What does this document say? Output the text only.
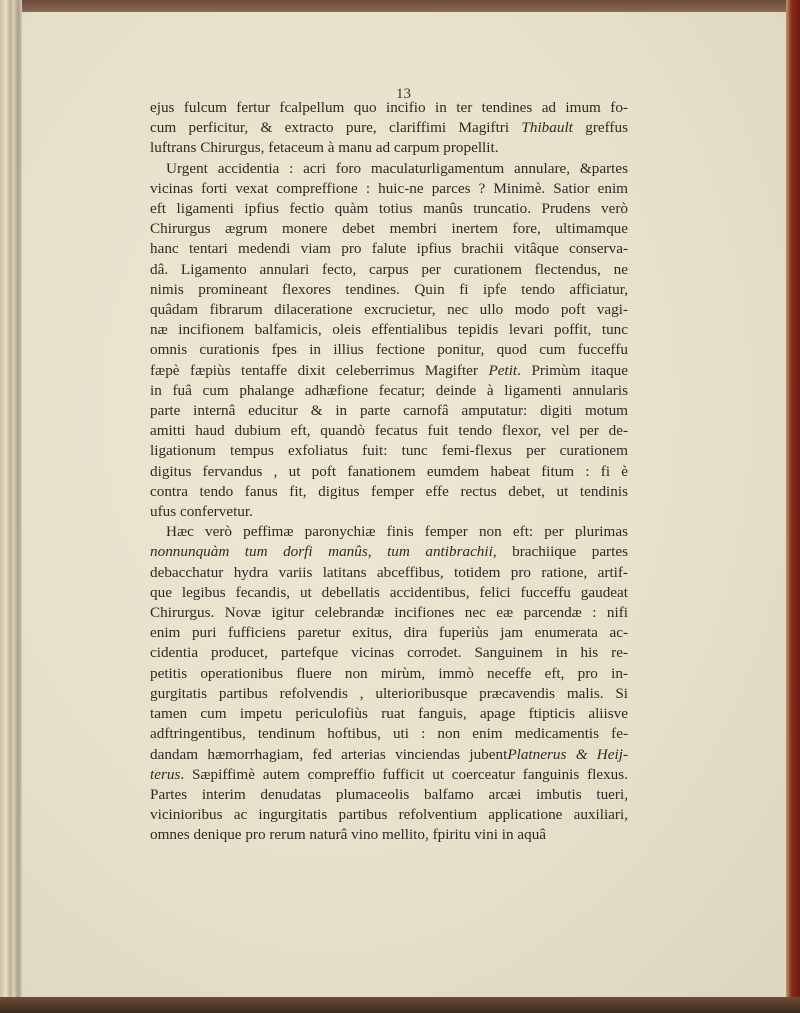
13
ejus fulcum fertur fcalpellum quo incifio in ter tendines ad imum fo-
cum perficitur, & extracto pure, clariffimi Magiftri Thibault greffus
luftrans Chirurgus, fetaceum à manu ad carpum propellit.
Urgent accidentia : acri foro maculaturligamentum annulare, &partes
vicinas forti vexat compreffione : huic-ne parces ? Minimè. Satior enim
eft ligamenti ipfius fectio quàm totius manûs truncatio. Prudens verò
Chirurgus ægrum monere debet membri inertem fore, ultimamque
hanc tentari medendi viam pro falute ipfius brachii vitâque conserva-
dâ. Ligamento annulari fecto, carpus per curationem flectendus, ne
nimis promineant flexores tendines. Quin fi ipfe tendo afficiatur,
quâdam fibrarum dilaceratione excrucietur, nec ullo modo poft vagi-
næ incifionem balfamicis, oleis effentialibus tepidis levari poffit, tunc
omnis curationis fpes in illius fectione ponitur, quod cum fucceffu
fæpè fæpiùs tentaffe dixit celeberrimus Magifter Petit. Primùm itaque
in fuâ cum phalange adhæfione fecatur; deinde à ligamenti annularis
parte internâ educitur & in parte carnofâ amputatur: digiti motum
amitti haud dubium eft, quandò fecatus fuit tendo flexor, vel per de-
ligationum tempus exfoliatus fuit: tunc femi-flexus per curationem
digitus fervandus , ut poft fanationem eumdem habeat fitum : fi è
contra tendo fanus fit, digitus femper effe rectus debet, ut tendinis
ufus confervetur.
Hæc verò peffimæ paronychiæ finis femper non eft: per plurimas
nonnunquàm tum dorfi manûs, tum antibrachii, brachiique partes
debacchatur hydra variis latitans abceffibus, totidem pro ratione, artif-
que legibus fecandis, ut debellatis accidentibus, felici fucceffu gaudeat
Chirurgus. Novæ igitur celebrandæ incifiones nec eæ parcendæ : nifi
enim puri fufficiens paretur exitus, dira fuperiùs jam enumerata ac-
cidentia producet, partefque vicinas corrodet. Sanguinem in his re-
petitis operationibus fluere non mirùm, immò neceffe eft, pro in-
gurgitatis partibus refolvendis , ulterioribusque præcavendis malis. Si
tamen cum impetu periculofiùs ruat fanguis, apage ftipticis aliisve
adftringentibus, tendinum hoftibus, uti : non enim medicamentis fe-
dandam hæmorrhagiam, fed arterias vinciendas jubentPlatnerus & Heij-
terus. Sæpiffimè autem compreffio fufficit ut coerceatur fanguinis flexus.
Partes interim denudatas plumaceolis balfamo arcæi imbutis tueri,
vicinioribus ac ingurgitatis partibus refolventium applicatione auxiliari,
omnes denique pro rerum naturâ vino mellito, fpiritu vini in aquâ
